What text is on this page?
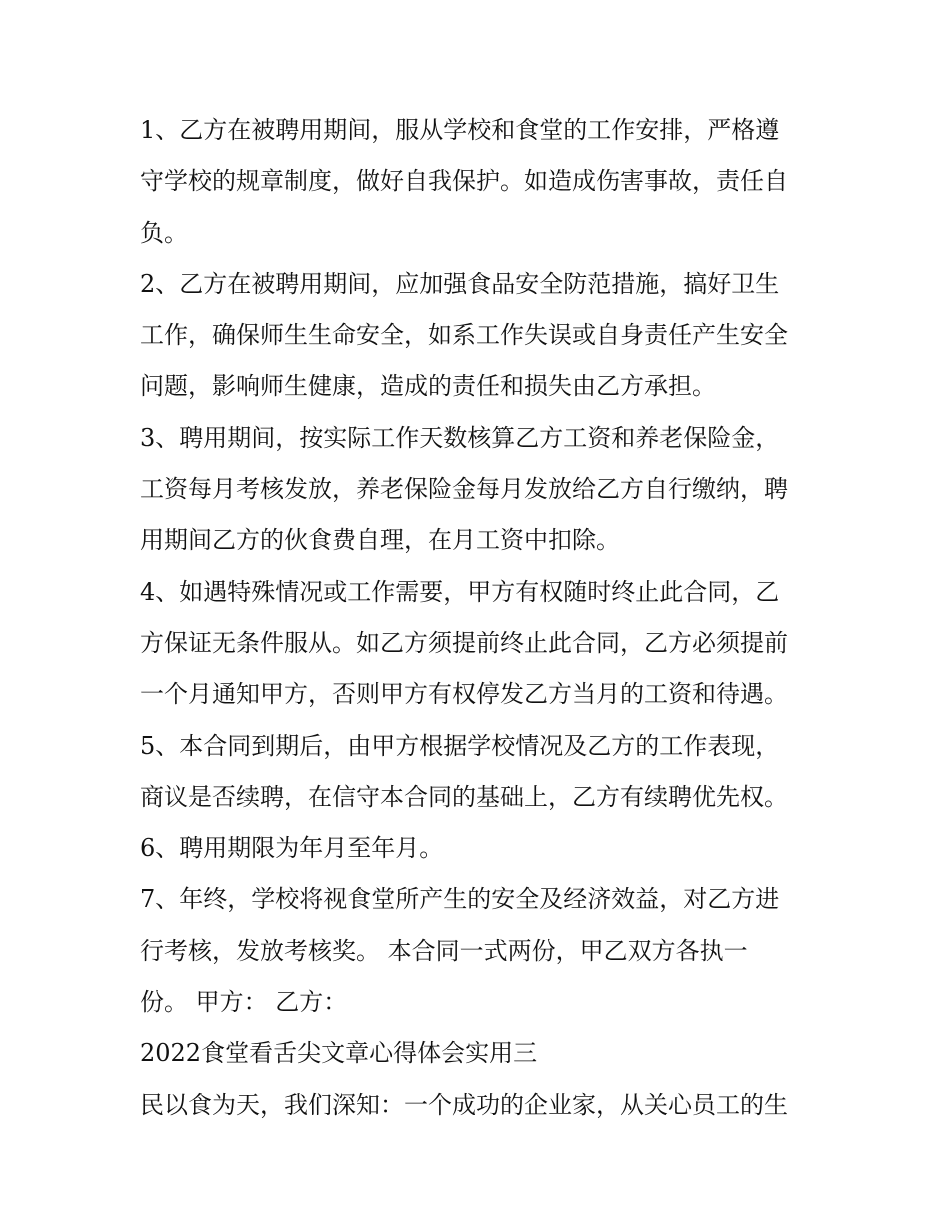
1、乙方在被聘用期间，服从学校和食堂的工作安排，严格遵
守学校的规章制度，做好自我保护。如造成伤害事故，责任自
负。
2、乙方在被聘用期间，应加强食品安全防范措施，搞好卫生
工作，确保师生生命安全，如系工作失误或自身责任产生安全
问题，影响师生健康，造成的责任和损失由乙方承担。
3、聘用期间，按实际工作天数核算乙方工资和养老保险金，
工资每月考核发放，养老保险金每月发放给乙方自行缴纳，聘
用期间乙方的伙食费自理，在月工资中扣除。
4、如遇特殊情况或工作需要，甲方有权随时终止此合同，乙
方保证无条件服从。如乙方须提前终止此合同，乙方必须提前
一个月通知甲方，否则甲方有权停发乙方当月的工资和待遇。
5、本合同到期后，由甲方根据学校情况及乙方的工作表现，
商议是否续聘，在信守本合同的基础上，乙方有续聘优先权。
6、聘用期限为年月至年月。
7、年终，学校将视食堂所产生的安全及经济效益，对乙方进
行考核，发放考核奖。 本合同一式两份，甲乙双方各执一
份。 甲方： 乙方：
2022食堂看舌尖文章心得体会实用三
民以食为天，我们深知：一个成功的企业家，从关心员工的生
